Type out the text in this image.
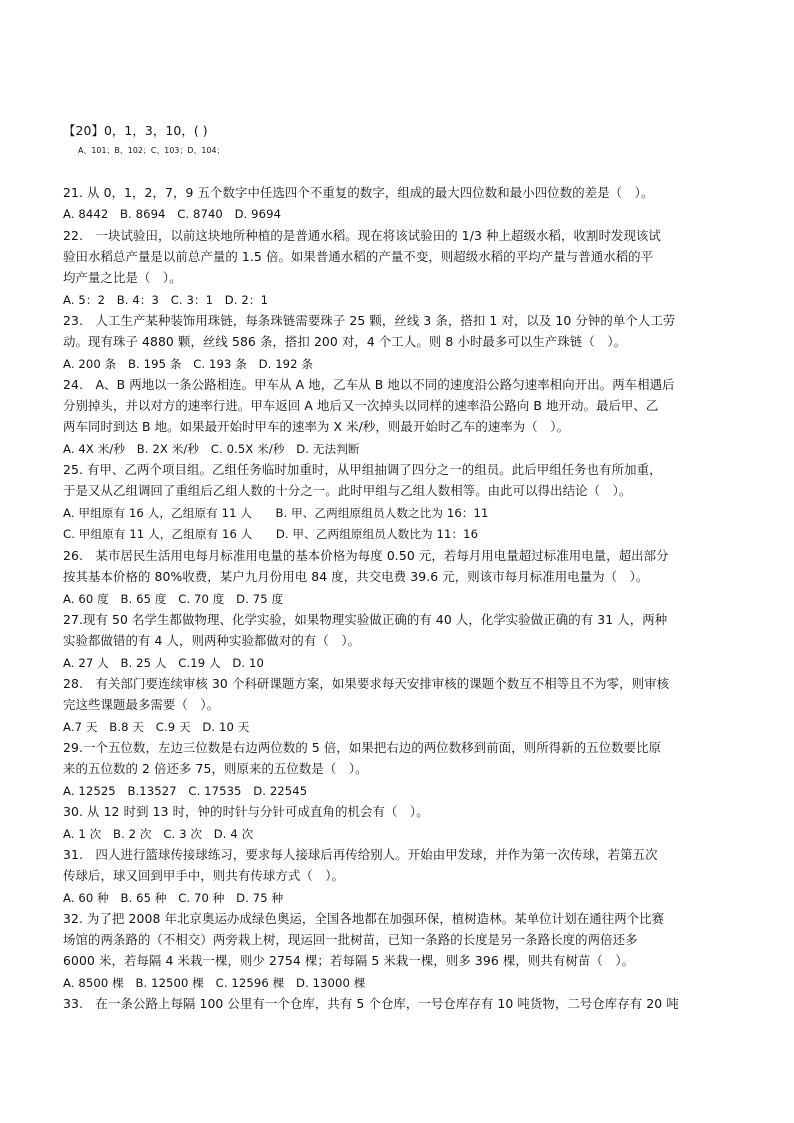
【20】0，1，3，10，( )
A、101；B、102；C、103；D、104；
21. 从 0，1，2，7，9 五个数字中任选四个不重复的数字，组成的最大四位数和最小四位数的差是（　）。
A. 8442　B. 8694　C. 8740　D. 9694
22.　一块试验田，以前这块地所种植的是普通水稻。现在将该试验田的 1/3 种上超级水稻，收割时发现该试
验田水稻总产量是以前总产量的 1.5 倍。如果普通水稻的产量不变，则超级水稻的平均产量与普通水稻的平
均产量之比是（　）。
A. 5：2　B. 4：3　C. 3：1　D. 2：1
23.　人工生产某种装饰用珠链，每条珠链需要珠子 25 颗，丝线 3 条，搭扣 1 对，以及 10 分钟的单个人工劳
动。现有珠子 4880 颗，丝线 586 条，搭扣 200 对，4 个工人。则 8 小时最多可以生产珠链（　）。
A. 200 条　B. 195 条　C. 193 条　D. 192 条
24.　A、B 两地以一条公路相连。甲车从 A 地，乙车从 B 地以不同的速度沿公路匀速率相向开出。两车相遇后
分别掉头，并以对方的速率行进。甲车返回 A 地后又一次掉头以同样的速率沿公路向 B 地开动。最后甲、乙
两车同时到达 B 地。如果最开始时甲车的速率为 X 米/秒，则最开始时乙车的速率为（　）。
A. 4X 米/秒　B. 2X 米/秒　C. 0.5X 米/秒　D. 无法判断
25. 有甲、乙两个项目组。乙组任务临时加重时，从甲组抽调了四分之一的组员。此后甲组任务也有所加重，
于是又从乙组调回了重组后乙组人数的十分之一。此时甲组与乙组人数相等。由此可以得出结论（　）。
A. 甲组原有 16 人，乙组原有 11 人　　B. 甲、乙两组原组员人数之比为 16：11
C. 甲组原有 11 人，乙组原有 16 人　　D. 甲、乙两组原组员人数比为 11：16
26.　某市居民生活用电每月标准用电量的基本价格为每度 0.50 元，若每月用电量超过标准用电量，超出部分
按其基本价格的 80%收费，某户九月份用电 84 度，共交电费 39.6 元，则该市每月标准用电量为（　）。
A. 60 度　B. 65 度　C. 70 度　D. 75 度
27.现有 50 名学生都做物理、化学实验，如果物理实验做正确的有 40 人，化学实验做正确的有 31 人，两种
实验都做错的有 4 人，则两种实验都做对的有（　）。
A. 27 人　B. 25 人　C.19 人　D. 10
28.　有关部门要连续审核 30 个科研课题方案，如果要求每天安排审核的课题个数互不相等且不为零，则审核
完这些课题最多需要（　）。
A.7 天　B.8 天　C.9 天　D. 10 天
29.一个五位数，左边三位数是右边两位数的 5 倍，如果把右边的两位数移到前面，则所得新的五位数要比原
来的五位数的 2 倍还多 75，则原来的五位数是（　）。
A. 12525　B.13527　C. 17535　D. 22545
30. 从 12 时到 13 时，钟的时针与分针可成直角的机会有（　）。
A. 1 次　B. 2 次　C. 3 次　D. 4 次
31.　四人进行篮球传接球练习，要求每人接球后再传给别人。开始由甲发球，并作为第一次传球，若第五次
传球后，球又回到甲手中，则共有传球方式（　）。
A. 60 种　B. 65 种　C. 70 种　D. 75 种
32. 为了把 2008 年北京奥运办成绿色奥运，全国各地都在加强环保，植树造林。某单位计划在通往两个比赛
场馆的两条路的（不相交）两旁栽上树，现运回一批树苗，已知一条路的长度是另一条路长度的两倍还多
6000 米，若每隔 4 米栽一棵，则少 2754 棵；若每隔 5 米栽一棵，则多 396 棵，则共有树苗（　）。
A. 8500 棵　B. 12500 棵　C. 12596 棵　D. 13000 棵
33.　在一条公路上每隔 100 公里有一个仓库，共有 5 个仓库，一号仓库存有 10 吨货物，二号仓库存有 20 吨
